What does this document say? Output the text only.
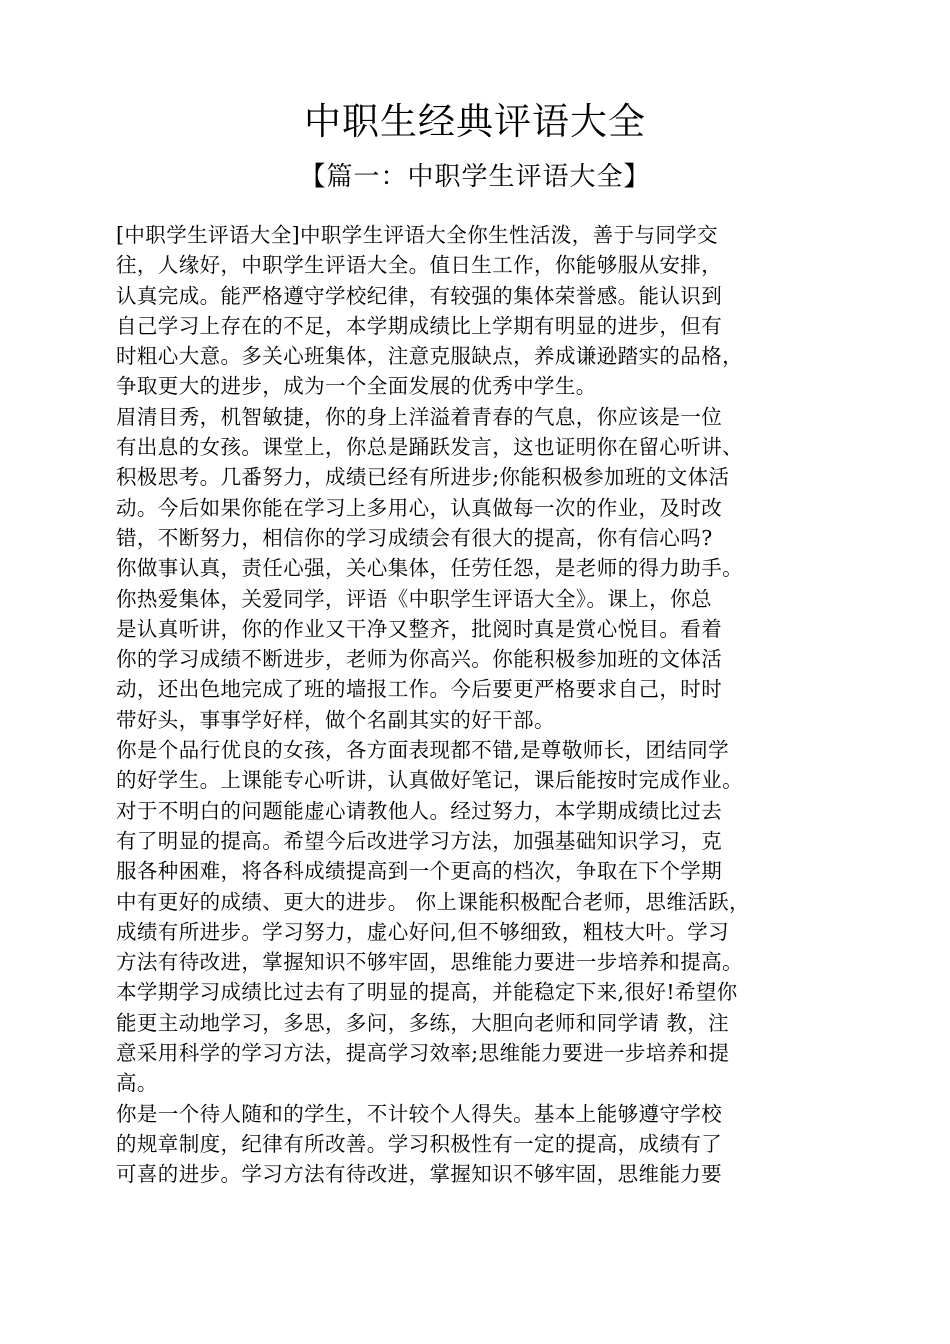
中职生经典评语大全
【篇一：中职学生评语大全】
[中职学生评语大全]中职学生评语大全你生性活泼，善于与同学交
往，人缘好，中职学生评语大全。值日生工作，你能够服从安排，
认真完成。能严格遵守学校纪律，有较强的集体荣誉感。能认识到
自己学习上存在的不足，本学期成绩比上学期有明显的进步，但有
时粗心大意。多关心班集体，注意克服缺点，养成谦逊踏实的品格，
争取更大的进步，成为一个全面发展的优秀中学生。
眉清目秀，机智敏捷，你的身上洋溢着青春的气息，你应该是一位
有出息的女孩。课堂上，你总是踊跃发言，这也证明你在留心听讲、
积极思考。几番努力，成绩已经有所进步;你能积极参加班的文体活
动。今后如果你能在学习上多用心，认真做每一次的作业，及时改
错，不断努力，相信你的学习成绩会有很大的提高，你有信心吗?
你做事认真，责任心强，关心集体，任劳任怨，是老师的得力助手。
你热爱集体，关爱同学，评语《中职学生评语大全》。课上，你总
是认真听讲，你的作业又干净又整齐，批阅时真是赏心悦目。看着
你的学习成绩不断进步，老师为你高兴。你能积极参加班的文体活
动，还出色地完成了班的墙报工作。今后要更严格要求自己，时时
带好头，事事学好样，做个名副其实的好干部。
你是个品行优良的女孩，各方面表现都不错,是尊敬师长，团结同学
的好学生。上课能专心听讲，认真做好笔记，课后能按时完成作业。
对于不明白的问题能虚心请教他人。经过努力，本学期成绩比过去
有了明显的提高。希望今后改进学习方法，加强基础知识学习，克
服各种困难，将各科成绩提高到一个更高的档次，争取在下个学期
中有更好的成绩、更大的进步。 你上课能积极配合老师，思维活跃，
成绩有所进步。学习努力，虚心好问,但不够细致，粗枝大叶。学习
方法有待改进，掌握知识不够牢固，思维能力要进一步培养和提高。
本学期学习成绩比过去有了明显的提高，并能稳定下来,很好!希望你
能更主动地学习，多思，多问，多练，大胆向老师和同学请 教，注
意采用科学的学习方法，提高学习效率;思维能力要进一步培养和提
高。
你是一个待人随和的学生，不计较个人得失。基本上能够遵守学校
的规章制度，纪律有所改善。学习积极性有一定的提高，成绩有了
可喜的进步。学习方法有待改进，掌握知识不够牢固，思维能力要
